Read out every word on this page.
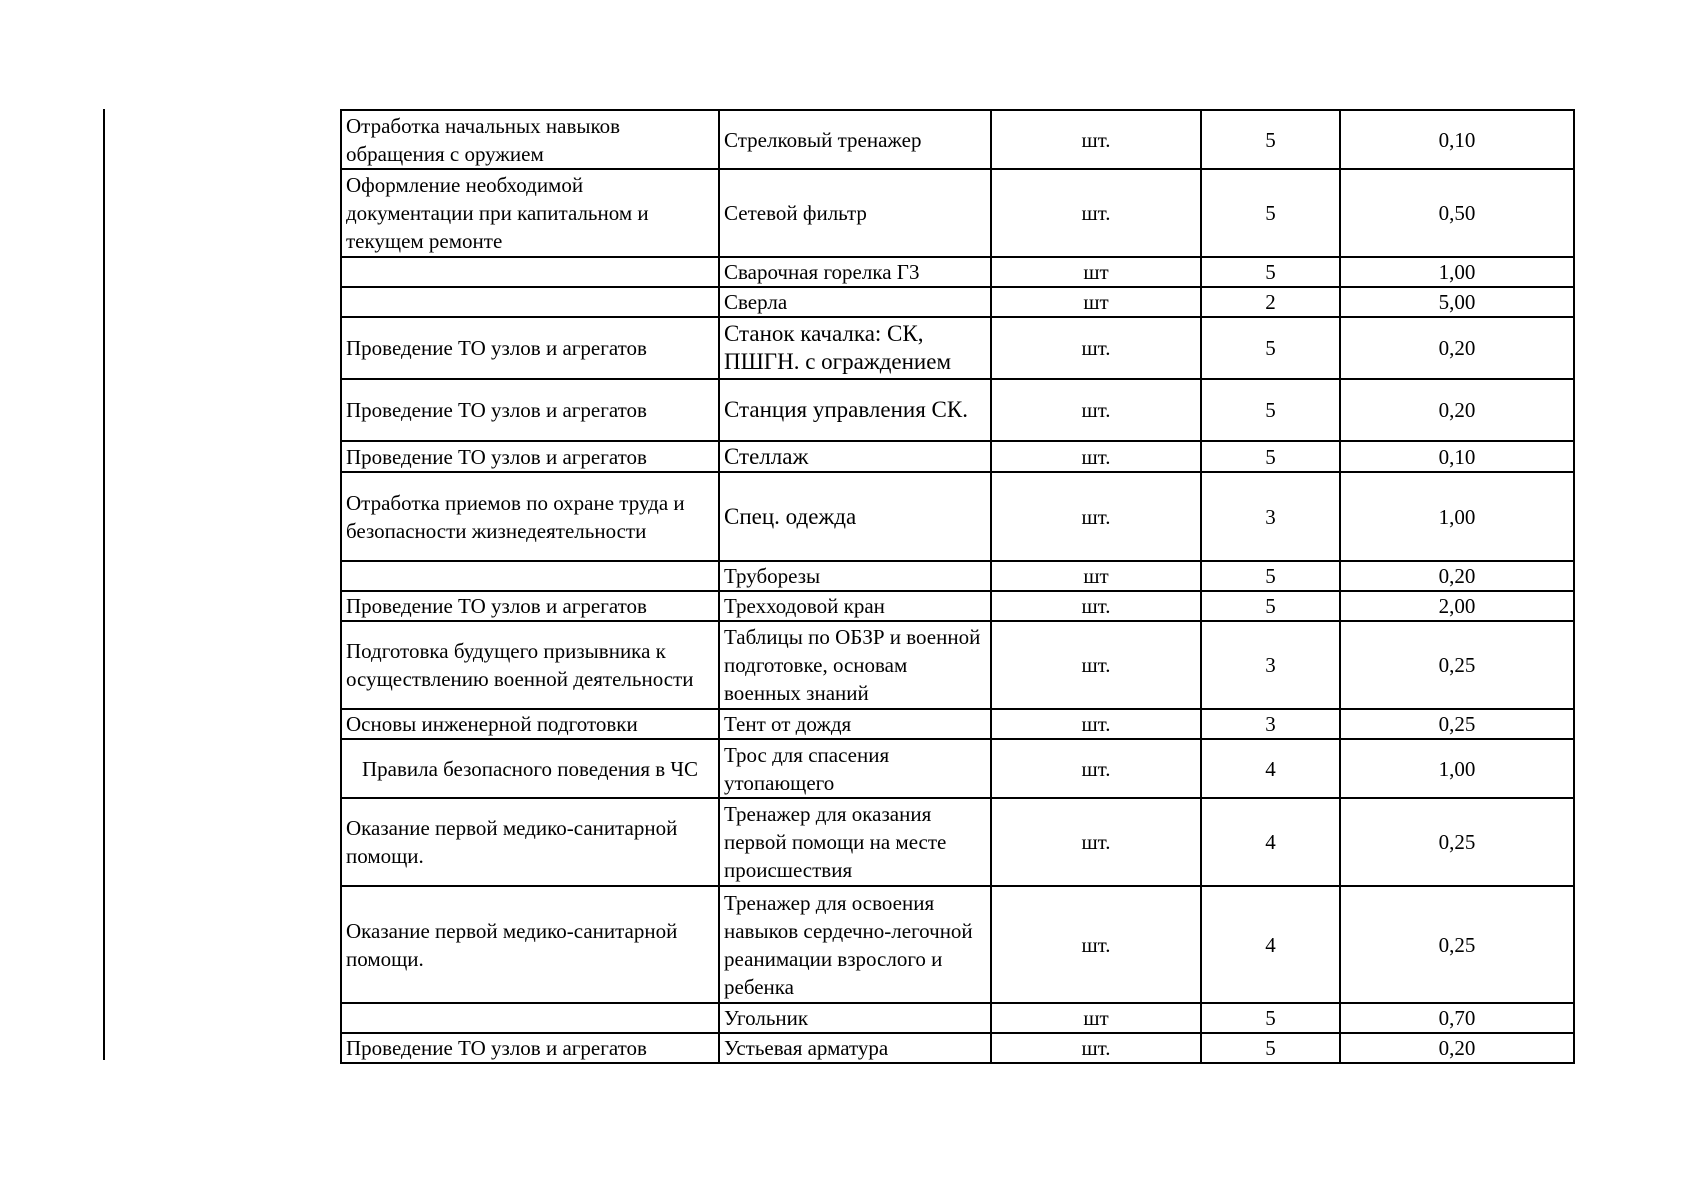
Отработка начальных навыков обращения с оружием	Стрелковый тренажер	шт.	5	0,10
Оформление необходимой документации при капитальном и текущем ремонте	Сетевой фильтр	шт.	5	0,50
	Сварочная горелка Г3	шт	5	1,00
	Сверла	шт	2	5,00
Проведение ТО узлов и агрегатов	Станок качалка: СК, ПШГН. с ограждением	шт.	5	0,20
Проведение ТО узлов и агрегатов	Станция управления СК.	шт.	5	0,20
Проведение ТО узлов и агрегатов	Стеллаж	шт.	5	0,10
Отработка приемов по охране труда и безопасности жизнедеятельности	Спец. одежда	шт.	3	1,00
	Труборезы	шт	5	0,20
Проведение ТО узлов и агрегатов	Трехходовой кран	шт.	5	2,00
Подготовка будущего призывника к осуществлению военной деятельности	Таблицы по ОБЗР и военной подготовке, основам военных знаний	шт.	3	0,25
Основы инженерной подготовки	Тент от дождя	шт.	3	0,25
Правила безопасного поведения в ЧС	Трос для спасения утопающего	шт.	4	1,00
Оказание первой медико-санитарной помощи.	Тренажер для оказания первой помощи на месте происшествия	шт.	4	0,25
Оказание первой медико-санитарной помощи.	Тренажер для освоения навыков сердечно-легочной реанимации взрослого и ребенка	шт.	4	0,25
	Угольник	шт	5	0,70
Проведение ТО узлов и агрегатов	Устьевая арматура	шт.	5	0,20
